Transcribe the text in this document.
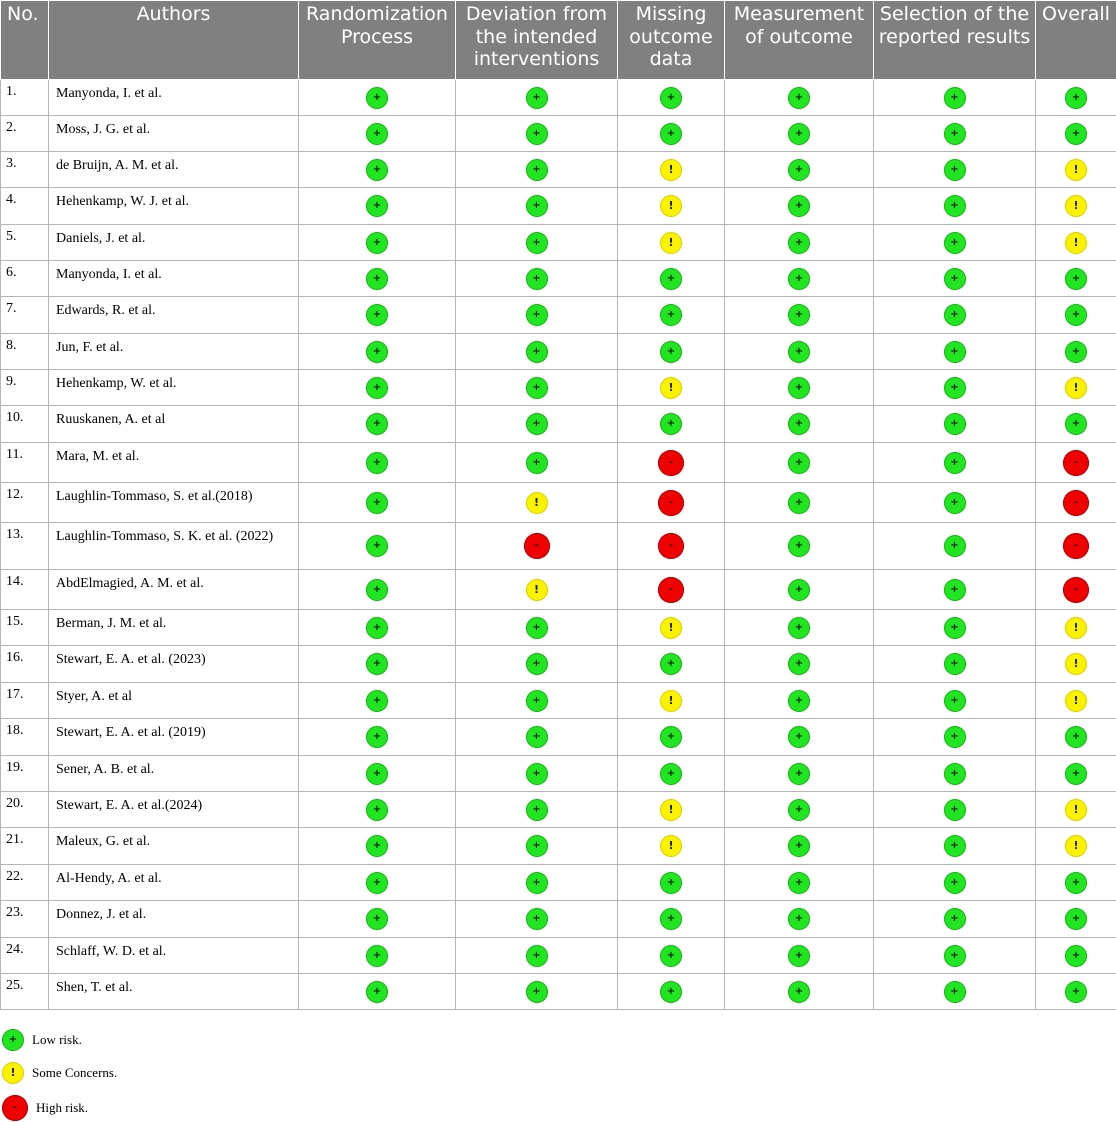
No.	Authors	Randomization Process	Deviation from the intended interventions	Missing outcome data	Measurement of outcome	Selection of the reported results	Overall
1.	Manyonda, I. et al.	+	+	+	+	+	+
2.	Moss, J. G. et al.	+	+	+	+	+	+
3.	de Bruijn, A. M. et al.	+	+	!	+	+	!
4.	Hehenkamp, W. J. et al.	+	+	!	+	+	!
5.	Daniels, J. et al.	+	+	!	+	+	!
6.	Manyonda, I. et al.	+	+	+	+	+	+
7.	Edwards, R. et al.	+	+	+	+	+	+
8.	Jun, F. et al.	+	+	+	+	+	+
9.	Hehenkamp, W. et al.	+	+	!	+	+	!
10.	Ruuskanen, A. et al	+	+	+	+	+	+
11.	Mara, M. et al.	+	+	-	+	+	-
12.	Laughlin-Tommaso, S. et al.(2018)	+	!	-	+	+	-
13.	Laughlin-Tommaso, S. K. et al. (2022)	+	-	-	+	+	-
14.	AbdElmagied, A. M. et al.	+	!	-	+	+	-
15.	Berman, J. M. et al.	+	+	!	+	+	!
16.	Stewart, E. A. et al. (2023)	+	+	+	+	+	!
17.	Styer, A. et al	+	+	!	+	+	!
18.	Stewart, E. A. et al. (2019)	+	+	+	+	+	+
19.	Sener, A. B. et al.	+	+	+	+	+	+
20.	Stewart, E. A. et al.(2024)	+	+	!	+	+	!
21.	Maleux, G. et al.	+	+	!	+	+	!
22.	Al-Hendy, A. et al.	+	+	+	+	+	+
23.	Donnez, J. et al.	+	+	+	+	+	+
24.	Schlaff, W. D. et al.	+	+	+	+	+	+
25.	Shen, T. et al.	+	+	+	+	+	+
+	Low risk.
!	Some Concerns.
-	High risk.
